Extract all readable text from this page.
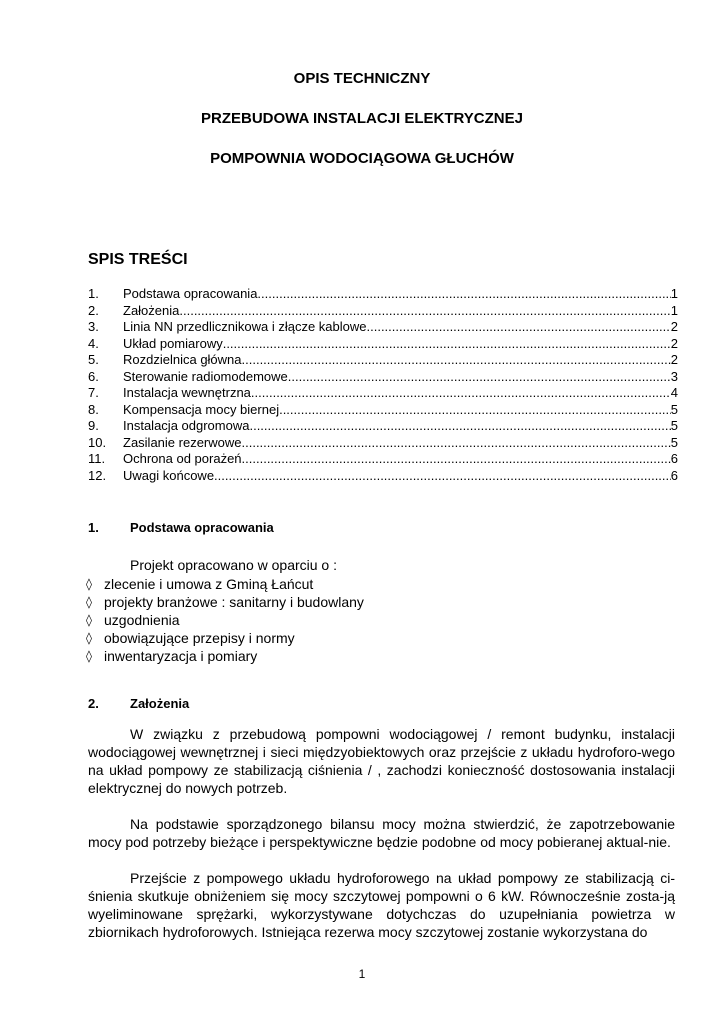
OPIS TECHNICZNY
PRZEBUDOWA INSTALACJI ELEKTRYCZNEJ
POMPOWNIA WODOCIĄGOWA GŁUCHÓW
SPIS TREŚCI
1.	Podstawa opracowania .....	1
2.	Założenia .....	1
3.	Linia NN przedlicznikowa i złącze kablowe .....	2
4.	Układ pomiarowy .....	2
5.	Rozdzielnica główna .....	2
6.	Sterowanie radiomodemowe .....	3
7.	Instalacja wewnętrzna .....	4
8.	Kompensacja mocy biernej .....	5
9.	Instalacja odgromowa .....	5
10.	Zasilanie rezerwowe .....	5
11.	Ochrona od porażeń .....	6
12.	Uwagi końcowe .....	6
1. Podstawa opracowania
Projekt opracowano w oparciu o :
◊ zlecenie i umowa z Gminą Łańcut
◊ projekty branżowe : sanitarny i budowlany
◊ uzgodnienia
◊ obowiązujące przepisy i normy
◊ inwentaryzacja i pomiary
2. Założenia
W związku z przebudową pompowni wodociągowej / remont budynku, instalacji wodociągowej wewnętrznej i sieci międzyobiektowych oraz przejście z układu hydroforo-wego na układ pompowy ze stabilizacją ciśnienia / , zachodzi konieczność dostosowania instalacji elektrycznej do nowych potrzeb.
Na podstawie sporządzonego bilansu mocy można stwierdzić, że zapotrzebowanie mocy pod potrzeby bieżące i perspektywiczne będzie podobne od mocy pobieranej aktual-nie.
Przejście z pompowego układu hydroforowego na układ pompowy ze stabilizacją ci-śnienia skutkuje obniżeniem się mocy szczytowej pompowni o 6 kW. Równocześnie zosta-ją wyeliminowane sprężarki, wykorzystywane dotychczas do uzupełniania powietrza w zbiornikach hydroforowych. Istniejąca rezerwa mocy szczytowej zostanie wykorzystana do
1
